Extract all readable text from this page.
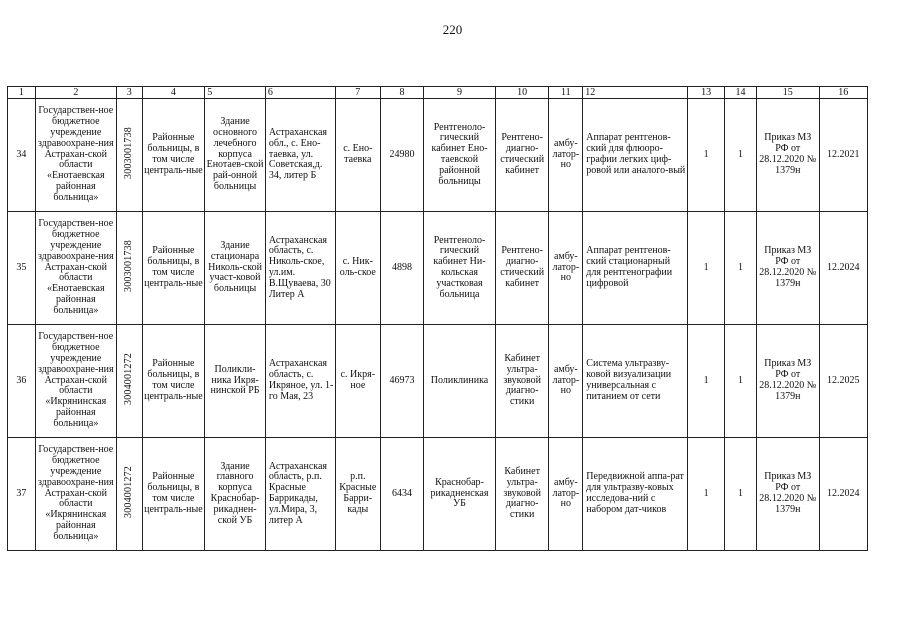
220
1	2	3	4	5	6	7	8	9	10	11	12	13	14	15	16
34	Государствен-ное бюджетное учреждение здравоохране-ния Астрахан-ской области «Енотаевская районная больница»	3003001738	Районные больницы, в том числе централь-ные	Здание основного лечебного корпуса Енотаев-ской рай-онной больницы	Астраханская обл., с. Ено-таевка, ул. Советская,д. 34, литер Б	с. Ено-таевка	24980	Рентгеноло-гический кабинет Ено-таевской районной больницы	Рентгено-диагно-стический кабинет	амбу-латор-но	Аппарат рентгенов-ский для флюоро-графии легких циф-ровой или аналого-вый	1	1	Приказ МЗ РФ от 28.12.2020 № 1379н	12.2021
35	Государствен-ное бюджетное учреждение здравоохране-ния Астрахан-ской области «Енотаевская районная больница»	3003001738	Районные больницы, в том числе централь-ные	Здание стационара Николь-ской участ-ковой больницы	Астраханская область, с. Николь-ское, ул.им. В.Щуваева, 30 Литер А	с. Ник-оль-ское	4898	Рентгеноло-гический кабинет Ни-кольская участковая больница	Рентгено-диагно-стический кабинет	амбу-латор-но	Аппарат рентгенов-ский стационарный для рентгенографии цифровой	1	1	Приказ МЗ РФ от 28.12.2020 № 1379н	12.2024
36	Государствен-ное бюджетное учреждение здравоохране-ния Астрахан-ской области «Икрянинская районная больница»	3004001272	Районные больницы, в том числе централь-ные	Поликли-ника Икря-нинской РБ	Астраханская область, с. Икряное, ул. 1-го Мая, 23	с. Икря-ное	46973	Поликлиника	Кабинет ультра-звуковой диагно-стики	амбу-латор-но	Система ультразву-ковой визуализации универсальная с питанием от сети	1	1	Приказ МЗ РФ от 28.12.2020 № 1379н	12.2025
37	Государствен-ное бюджетное учреждение здравоохране-ния Астрахан-ской области «Икрянинская районная больница»	3004001272	Районные больницы, в том числе централь-ные	Здание главного корпуса Краснобар-рикаднен-ской УБ	Астраханская область, р.п. Красные Баррикады, ул.Мира, 3, литер А	р.п. Красные Барри-кады	6434	Краснобар-рикадненская УБ	Кабинет ультра-звуковой диагно-стики	амбу-латор-но	Передвижной аппа-рат для ультразву-ковых исследова-ний с набором дат-чиков	1	1	Приказ МЗ РФ от 28.12.2020 № 1379н	12.2024
